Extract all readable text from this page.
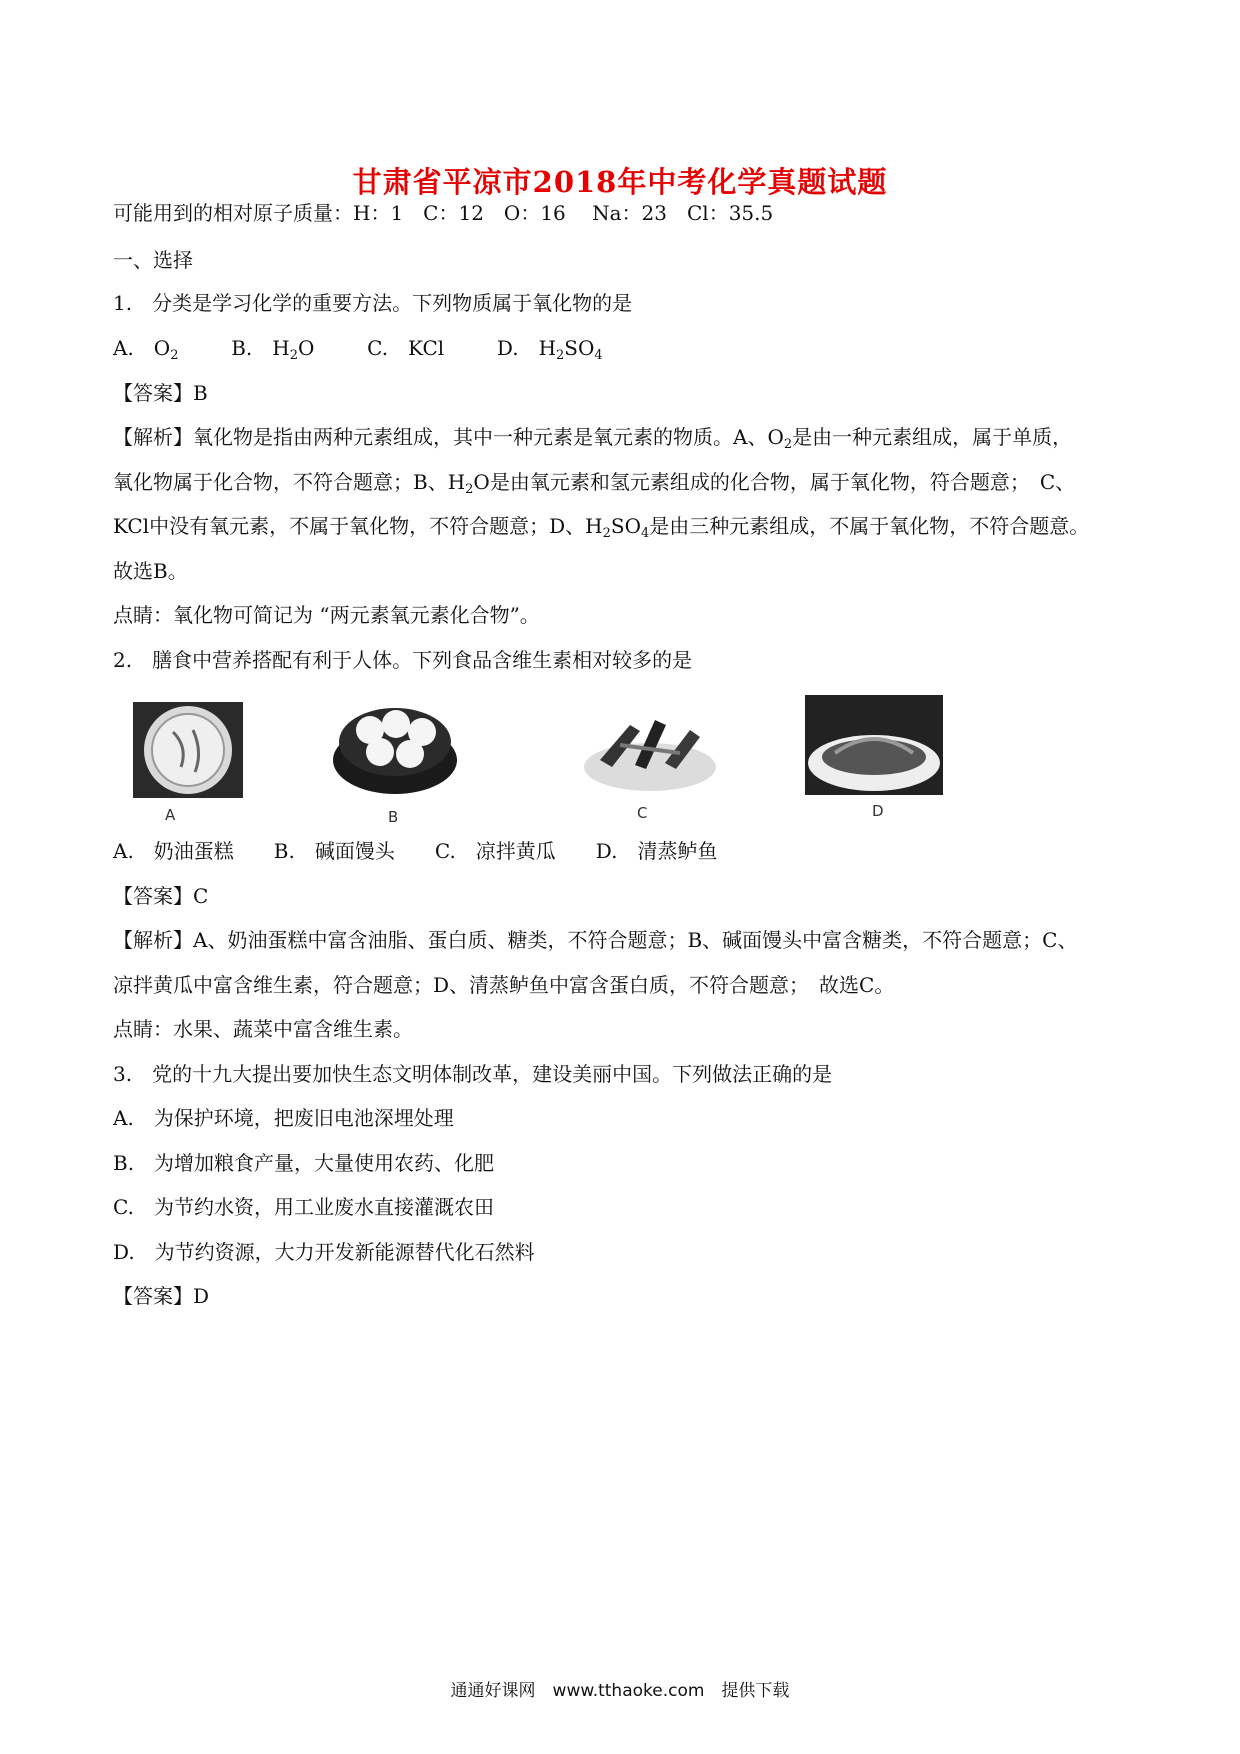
甘肃省平凉市2018年中考化学真题试题
可能用到的相对原子质量：H：1　C：12　O：16　 Na：23　Cl：35.5
一、选择
1.　分类是学习化学的重要方法。下列物质属于氧化物的是
A.　$O_2$	B.　$H_2O$	C.　KCl	D.　$H_2SO_4$
【答案】B
【解析】氧化物是指由两种元素组成，其中一种元素是氧元素的物质。A、$O_2$是由一种元素组成，属于单质，
氧化物属于化合物，不符合题意；B、$H_2O$是由氧元素和氢元素组成的化合物，属于氧化物，符合题意；　C、
KCl中没有氧元素，不属于氧化物，不符合题意；D、$H_2SO_4$是由三种元素组成，不属于氧化物，不符合题意。
故选B。
点睛：氧化物可简记为 “两元素氧元素化合物”。
2.　膳食中营养搭配有利于人体。下列食品含维生素相对较多的是
A	B	C	D
A.　奶油蛋糕　　B.　碱面馒头　　C.　凉拌黄瓜　　D.　清蒸鲈鱼
【答案】C
【解析】A、奶油蛋糕中富含油脂、蛋白质、糖类，不符合题意；B、碱面馒头中富含糖类，不符合题意；C、
凉拌黄瓜中富含维生素，符合题意；D、清蒸鲈鱼中富含蛋白质，不符合题意；　故选C。
点睛：水果、蔬菜中富含维生素。
3.　党的十九大提出要加快生态文明体制改革，建设美丽中国。下列做法正确的是
A.　为保护环境，把废旧电池深埋处理
B.　为增加粮食产量，大量使用农药、化肥
C.　为节约水资，用工业废水直接灌溉农田
D.　为节约资源，大力开发新能源替代化石然料
【答案】D
通通好课网　www.tthaoke.com　提供下载
